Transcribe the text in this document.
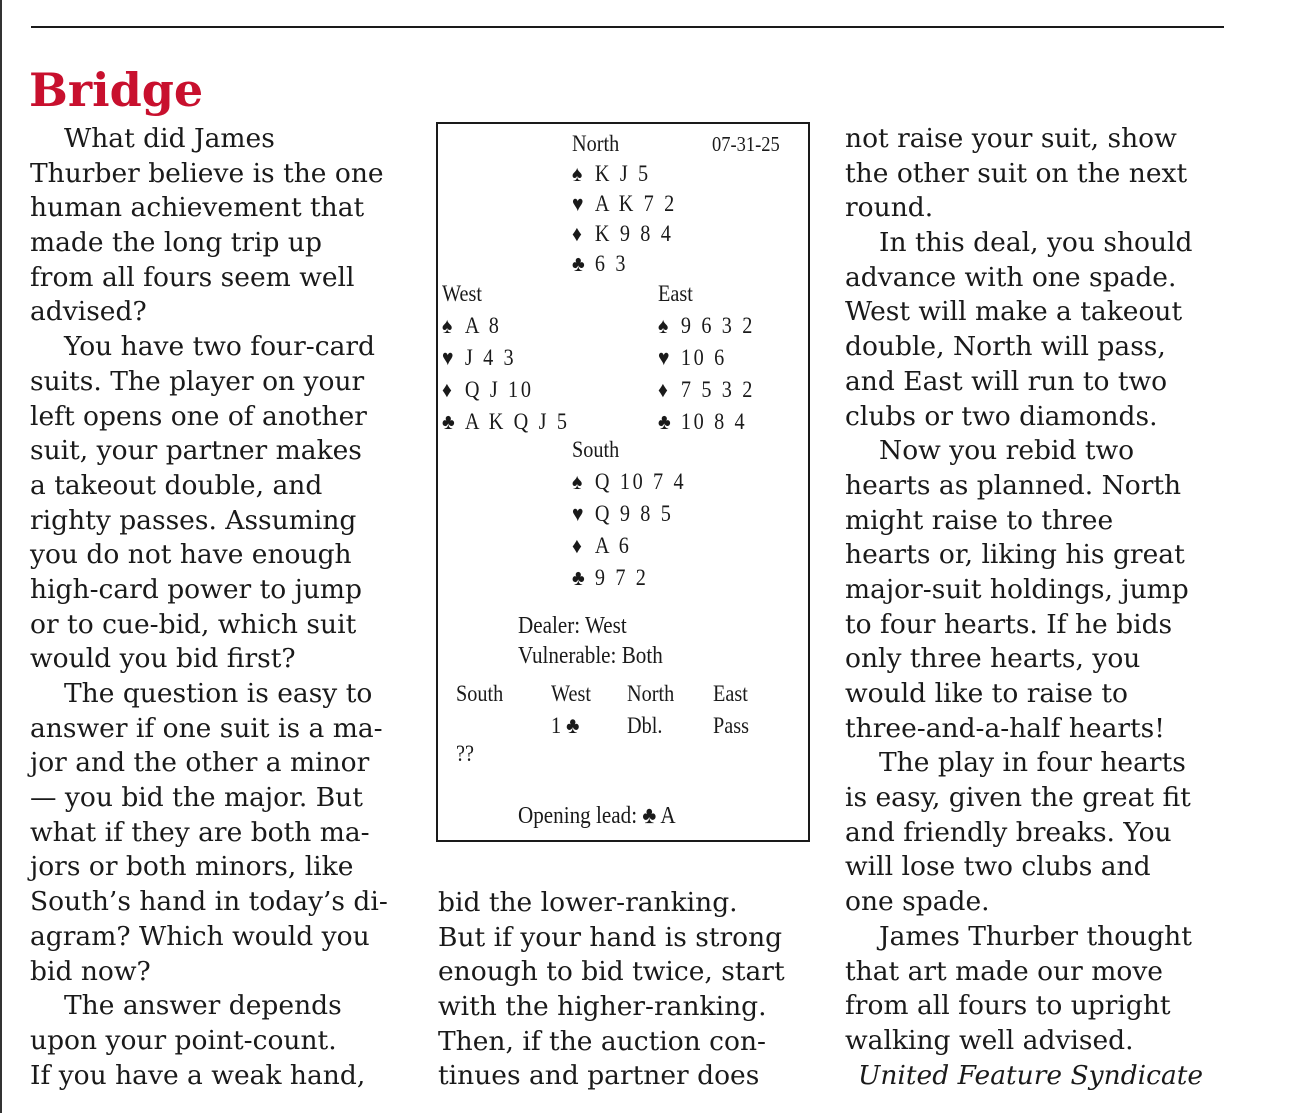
Bridge
What did James
Thurber believe is the one
human achievement that
made the long trip up
from all fours seem well
advised?
You have two four-card
suits. The player on your
left opens one of another
suit, your partner makes
a takeout double, and
righty passes. Assuming
you do not have enough
high-card power to jump
or to cue-bid, which suit
would you bid first?
The question is easy to
answer if one suit is a ma-
jor and the other a minor
— you bid the major. But
what if they are both ma-
jors or both minors, like
South’s hand in today’s di-
agram? Which would you
bid now?
The answer depends
upon your point-count.
If you have a weak hand,
North	07-31-25
♠ K J 5
♥ A K 7 2
♦ K 9 8 4
♣ 6 3
West
♠ A 8
♥ J 4 3
♦ Q J 10
♣ A K Q J 5
East
♠ 9 6 3 2
♥ 10 6
♦ 7 5 3 2
♣ 10 8 4
South
♠ Q 10 7 4
♥ Q 9 8 5
♦ A 6
♣ 9 7 2
Dealer: West
Vulnerable: Both
South West North East
1 ♣ Dbl. Pass
??
Opening lead: ♣ A
bid the lower-ranking.
But if your hand is strong
enough to bid twice, start
with the higher-ranking.
Then, if the auction con-
tinues and partner does
not raise your suit, show
the other suit on the next
round.
In this deal, you should
advance with one spade.
West will make a takeout
double, North will pass,
and East will run to two
clubs or two diamonds.
Now you rebid two
hearts as planned. North
might raise to three
hearts or, liking his great
major-suit holdings, jump
to four hearts. If he bids
only three hearts, you
would like to raise to
three-and-a-half hearts!
The play in four hearts
is easy, given the great fit
and friendly breaks. You
will lose two clubs and
one spade.
James Thurber thought
that art made our move
from all fours to upright
walking well advised.
United Feature Syndicate
